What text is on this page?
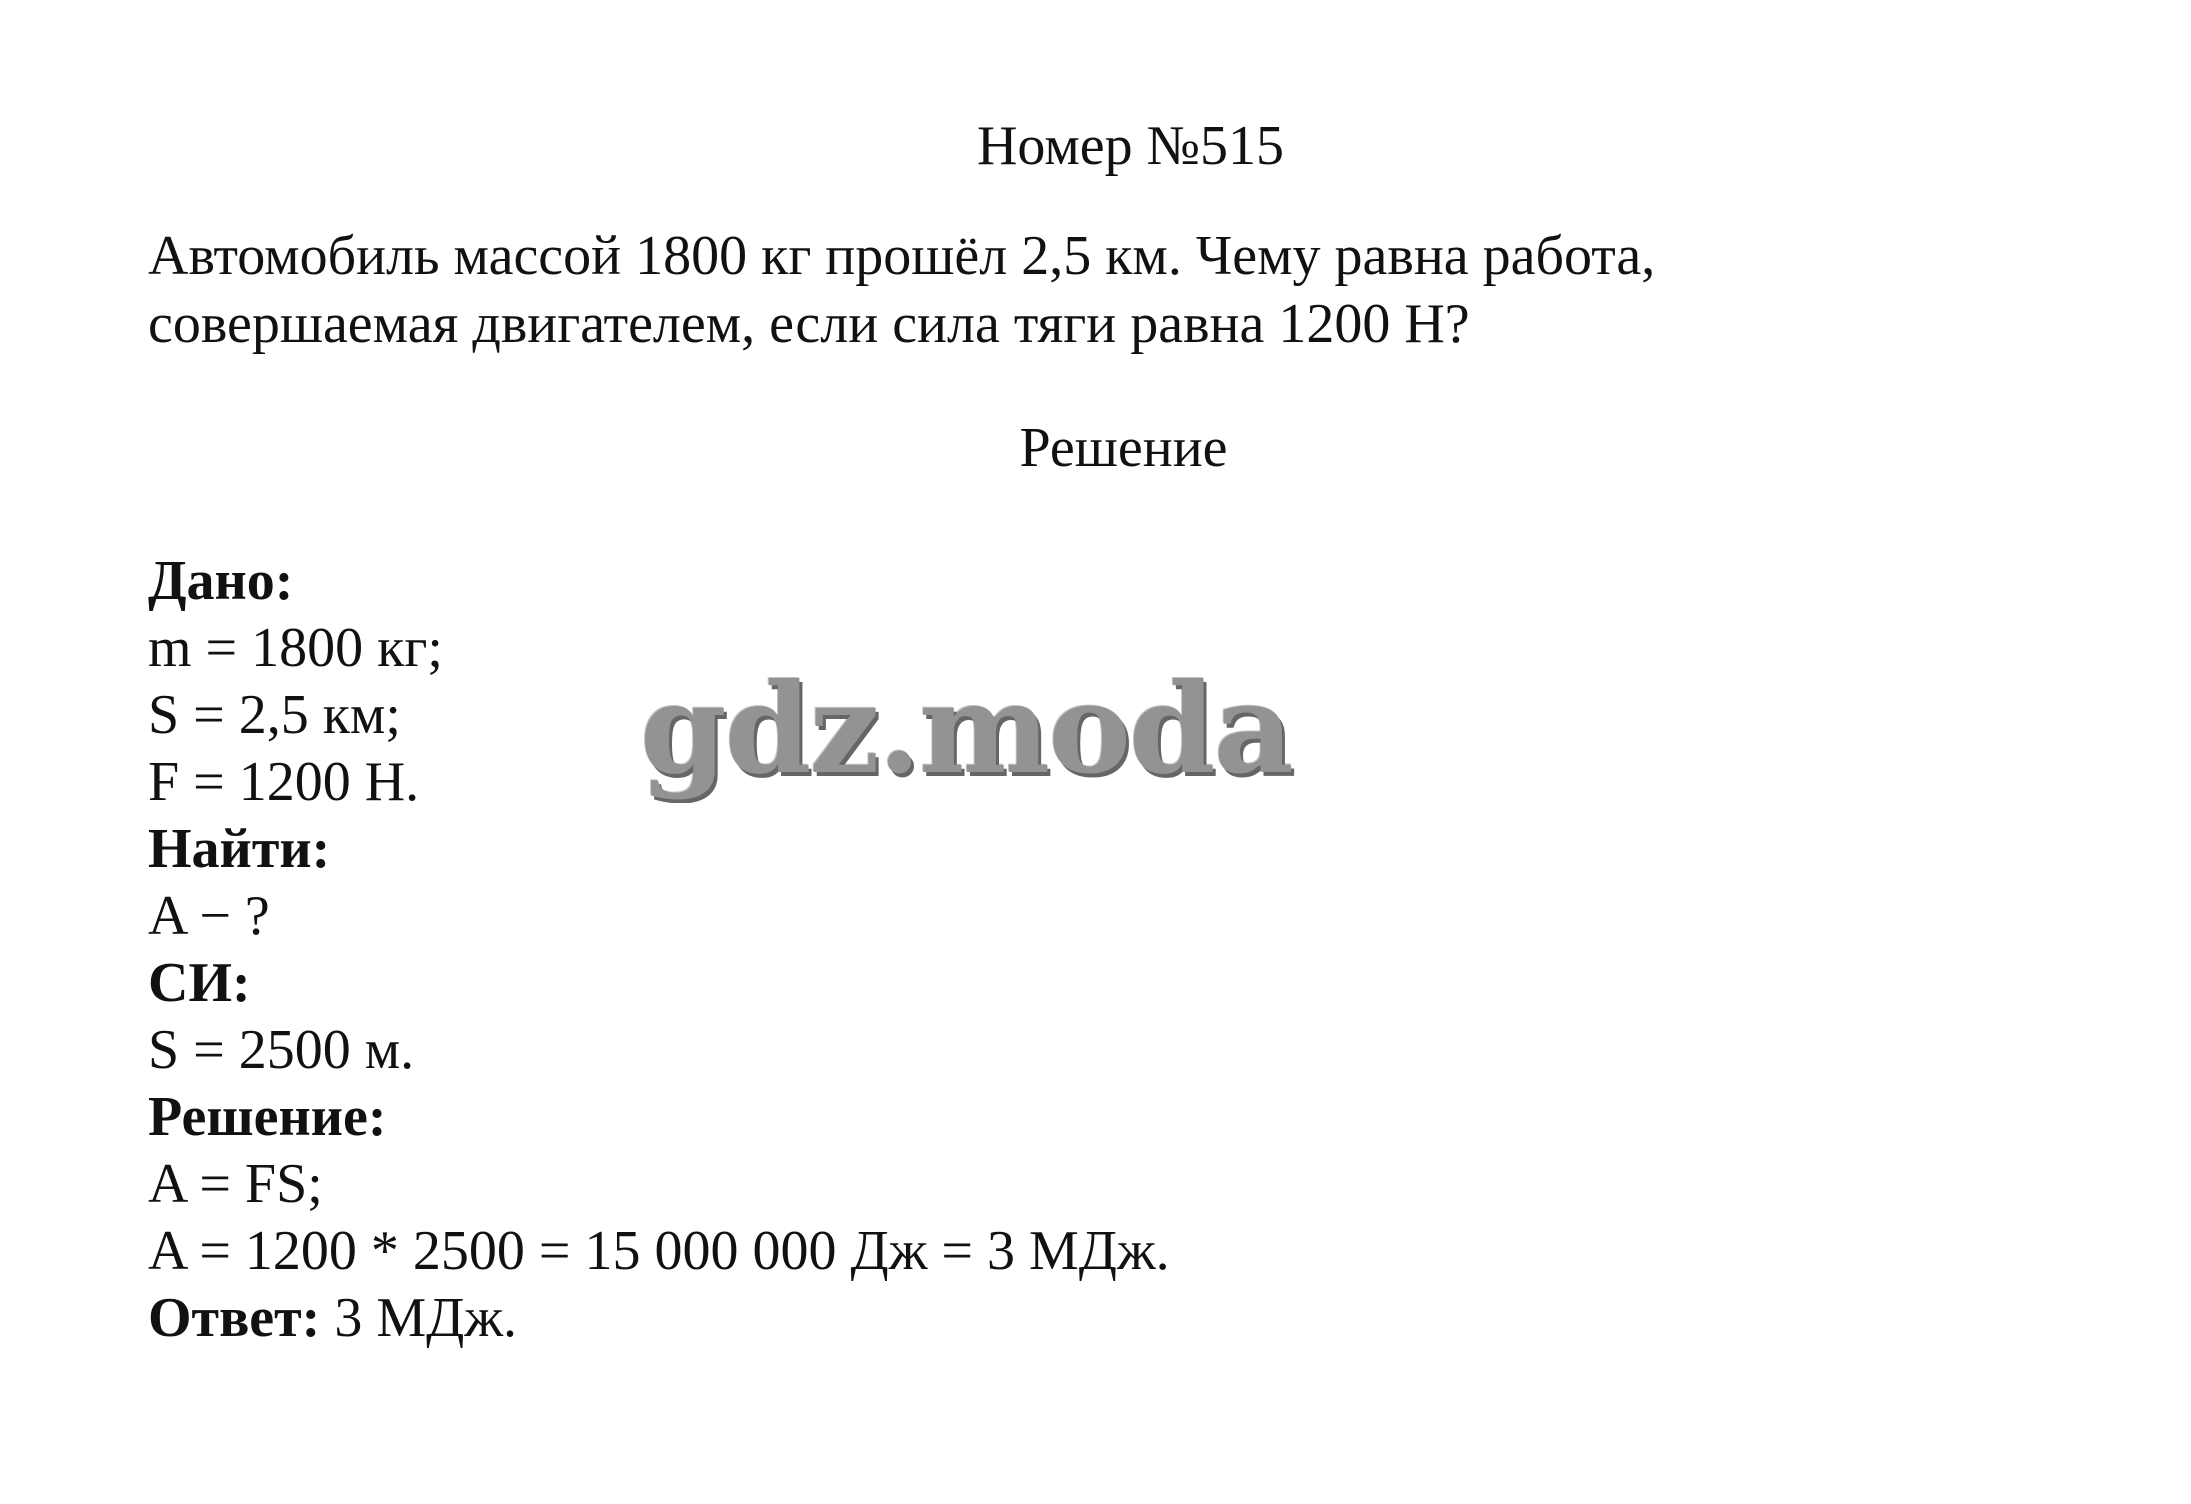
Номер №515
Автомобиль массой 1800 кг прошёл 2,5 км. Чему равна работа,
совершаемая двигателем, если сила тяги равна 1200 Н?
Решение
Дано:
m = 1800 кг;
S = 2,5 км;
F = 1200 Н.
Найти:
A − ?
СИ:
S = 2500 м.
Решение:
A = FS;
A = 1200 * 2500 = 15 000 000 Дж = 3 МДж.
Ответ: 3 МДж.
gdz.moda
